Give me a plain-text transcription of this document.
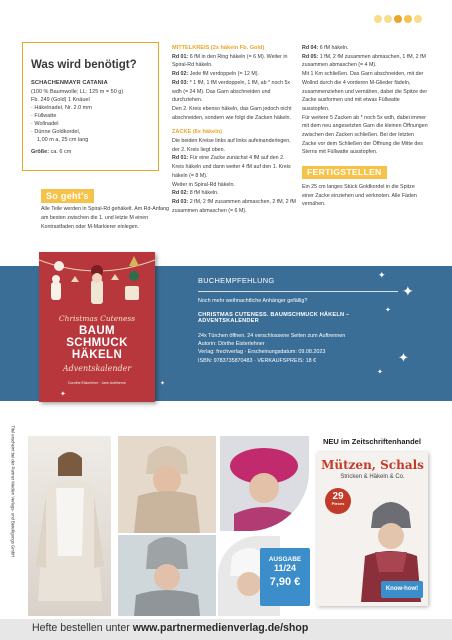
Was wird benötigt?
SCHACHENMAYR CATANIA

(100 % Baumwolle; LL: 125 m = 50 g)

Fb. 249 (Gold) 1 Knäuel

· Häkelnadel, Nr. 2.0 mm
· Füllwatte
· Wollnadel
· Dünne Goldkordel,

1,00 m a, 25 cm lang

Größe: ca. 6 cm

So geht's
Alle Teile werden in Spiral-Rd gehäkelt. Am Rd-Anfang am besten zwischen die 1. und letzte M einen Kontrastfaden oder M-Markierer einlegen.
MITTELKREIS (2x häkeln Fb. Gold)

Rd 01: 6 fM in den Ring häkeln (= 6 M). Weiter in Spiral-Rd häkeln.

Rd 02: Jede fM verdoppeln (= 12 M).

Rd 03: * 1 fM, 1 fM verdoppeln, 1 fM, ab * noch 5x wdh (= 24 M). Das Garn abschneiden und durchziehen.

Den 2. Kreis ebenso häkeln, das Garn jedoch nicht abschneiden, sondern wie folgt die Zacken häkeln.

ZACKE (6x häkeln)

Die beiden Kreise links auf links aufeinanderlegen, der 2. Kreis liegt oben.

Rd 01: Für eine Zacke zunächst 4 fM auf den 2. Kreis häkeln und dann weiter 4 fM auf den 1. Kreis häkeln (= 8 M).

Weiter in Spiral-Rd häkeln.

Rd 02: 8 fM häkeln.

Rd 03: 2 fM, 2 fM zusammen abmaschen, 2 fM, 2 fM zusammen abmaschen (= 6 M).

Rd 04: 6 fM häkeln.

Rd 05: 1 fM, 2 fM zusammen abmaschen, 1 fM, 2 fM zusammen abmaschen (= 4 M).

Mit 1 Km schließen. Das Garn abschneiden, mit der Wollnd durch die 4 vorderen M-Glieder fädeln, zusammenziehen und vernähen, dabei die Spitze der Zacke ausformen und mit etwas Füllwatte ausstopfen.

Für weitere 5 Zacken ab * noch 5x wdh, dabei immer mit dem neu angesetzten Garn die kleinen Öffnungen zwischen den Zacken schließen. Bei der letzten Zacke vor dem Schließen der Öffnung die Mitte des Sterns mit Füllwatte ausstopfen.

FERTIGSTELLEN

Ein 25 cm langes Stück Goldkordel in die Spitze einer Zacke einziehen und verknoten. Alle Fäden vernähen.

Christmas Cuteness
BAUM
SCHMUCK
HÄKELN
Adventskalender
Dorothe Eisterleher · Jane Aufriherne
BUCHEMPFEHLUNG
Noch mehr weihnachtliche Anhänger gefällig?
CHRISTMAS CUTENESS. BAUMSCHMUCK HÄKELN – ADVENTSKALENDER
24x Türchen öffnen. 24 verschlossene Seiten zum Auftrennen
Autorin: Dörthe Eisterlehner
Verlag: frechverlag · Erscheinungsdatum: 09.08.2023
ISBN: 9783735870483 · VERKAUFSPREIS: 18 €
✦
✦
✦
✦
✦
✦
✦
Titel erscheint bei der Partner Medien Verlags- und Beteiligungs GmbH
AUSGABE
11/24
7,90 €
NEU im Zeitschriftenhandel
Mützen, Schals
Stricken & Häkeln & Co.
29
Pieces
Know-how!
Hefte bestellen unter www.partnermedienverlag.de/shop
